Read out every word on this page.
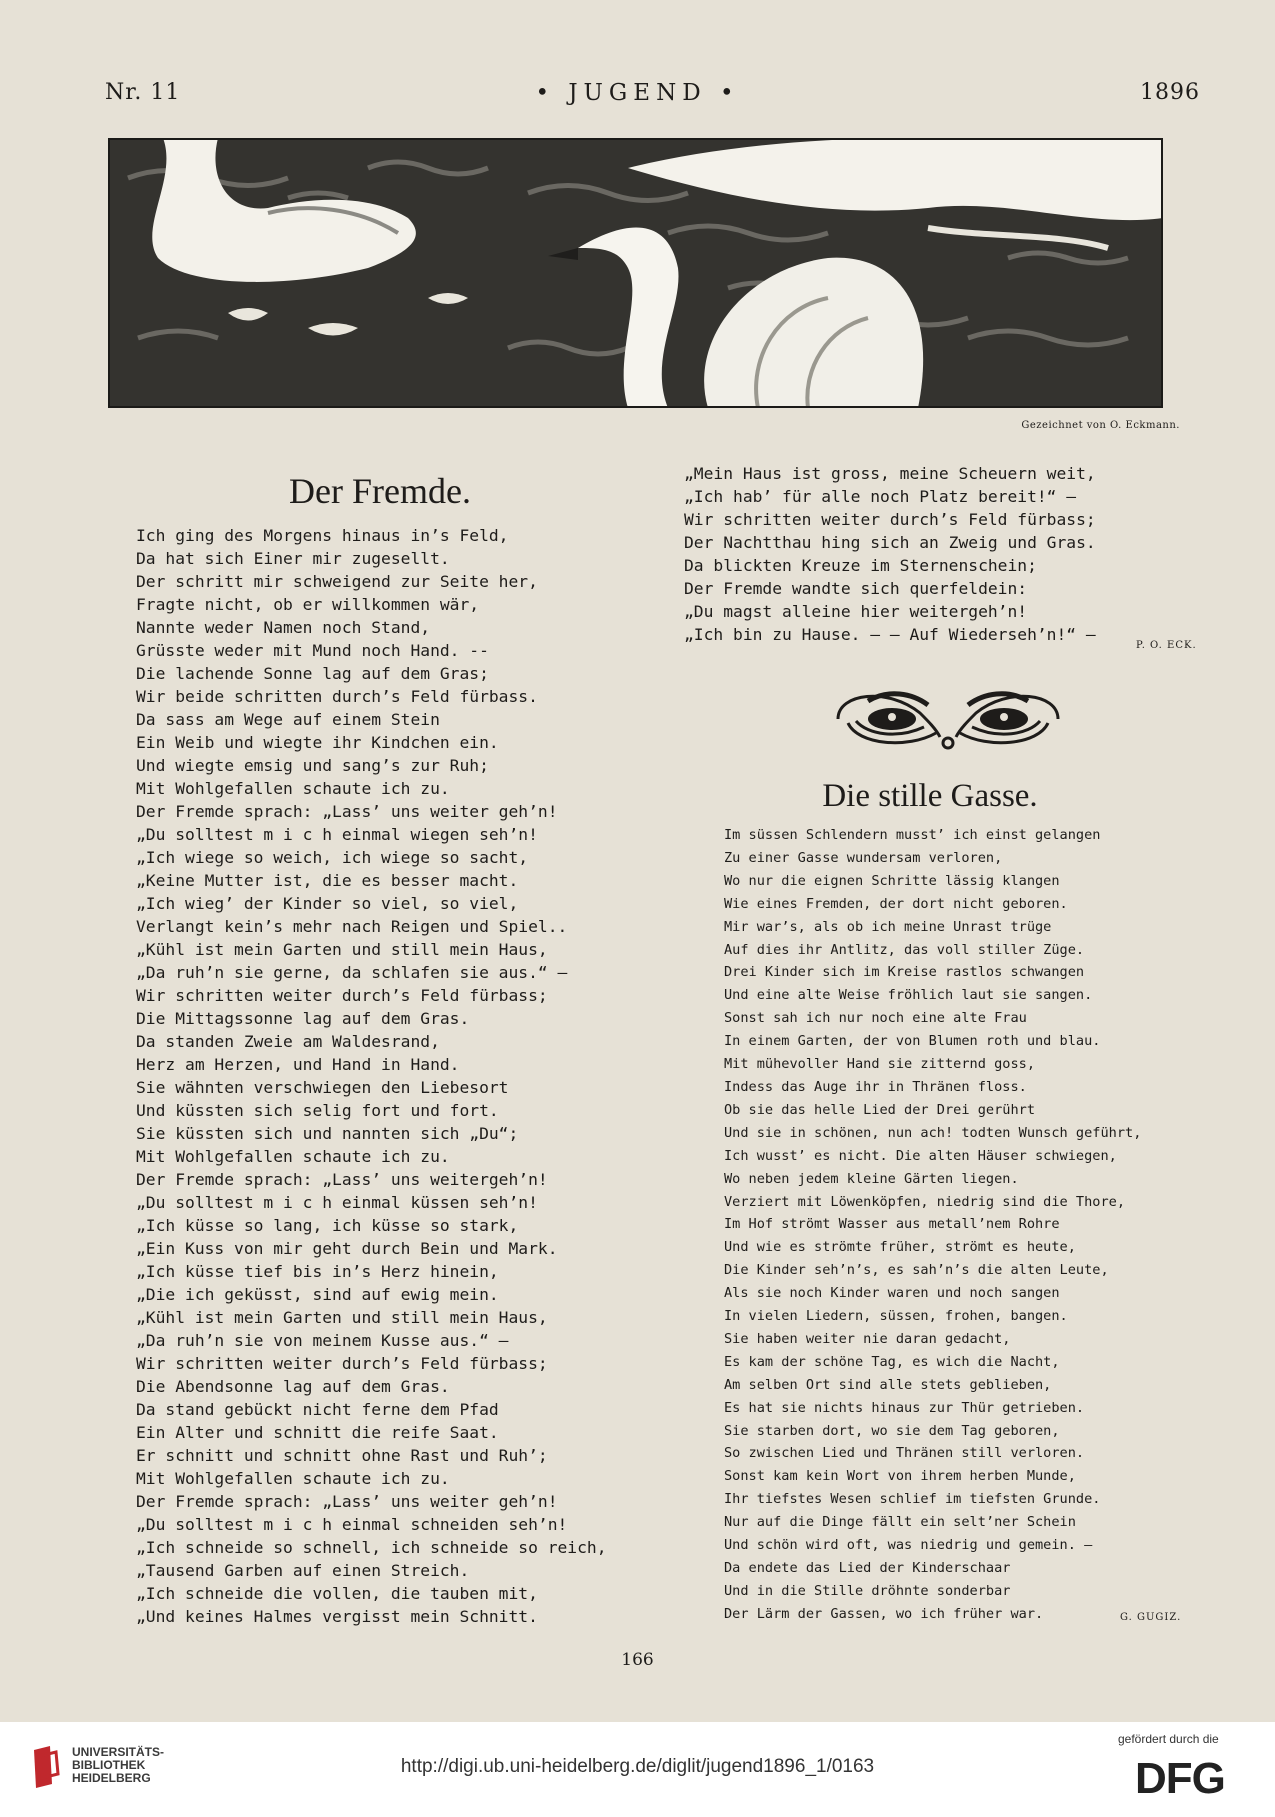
Nr. 11	• JUGEND •	1896
Gezeichnet von O. Eckmann.
Der Fremde.
Ich ging des Morgens hinaus in’s Feld,
Da hat sich Einer mir zugesellt.
Der schritt mir schweigend zur Seite her,
Fragte nicht, ob er willkommen wär,
Nannte weder Namen noch Stand,
Grüsste weder mit Mund noch Hand. --
Die lachende Sonne lag auf dem Gras;
Wir beide schritten durch’s Feld fürbass.
Da sass am Wege auf einem Stein
Ein Weib und wiegte ihr Kindchen ein.
Und wiegte emsig und sang’s zur Ruh;
Mit Wohlgefallen schaute ich zu.
Der Fremde sprach: „Lass’ uns weiter geh’n!
„Du solltest m i c h einmal wiegen seh’n!
„Ich wiege so weich, ich wiege so sacht,
„Keine Mutter ist, die es besser macht.
„Ich wieg’ der Kinder so viel, so viel,
Verlangt kein’s mehr nach Reigen und Spiel..
„Kühl ist mein Garten und still mein Haus,
„Da ruh’n sie gerne, da schlafen sie aus.“ —
Wir schritten weiter durch’s Feld fürbass;
Die Mittagssonne lag auf dem Gras.
Da standen Zweie am Waldesrand,
Herz am Herzen, und Hand in Hand.
Sie wähnten verschwiegen den Liebesort
Und küssten sich selig fort und fort.
Sie küssten sich und nannten sich „Du“;
Mit Wohlgefallen schaute ich zu.
Der Fremde sprach: „Lass’ uns weitergeh’n!
„Du solltest m i c h einmal küssen seh’n!
„Ich küsse so lang, ich küsse so stark,
„Ein Kuss von mir geht durch Bein und Mark.
„Ich küsse tief bis in’s Herz hinein,
„Die ich geküsst, sind auf ewig mein.
„Kühl ist mein Garten und still mein Haus,
„Da ruh’n sie von meinem Kusse aus.“ —
Wir schritten weiter durch’s Feld fürbass;
Die Abendsonne lag auf dem Gras.
Da stand gebückt nicht ferne dem Pfad
Ein Alter und schnitt die reife Saat.
Er schnitt und schnitt ohne Rast und Ruh’;
Mit Wohlgefallen schaute ich zu.
Der Fremde sprach: „Lass’ uns weiter geh’n!
„Du solltest m i c h einmal schneiden seh’n!
„Ich schneide so schnell, ich schneide so reich,
„Tausend Garben auf einen Streich.
„Ich schneide die vollen, die tauben mit,
„Und keines Halmes vergisst mein Schnitt.
„Mein Haus ist gross, meine Scheuern weit,
„Ich hab’ für alle noch Platz bereit!“ —
Wir schritten weiter durch’s Feld fürbass;
Der Nachtthau hing sich an Zweig und Gras.
Da blickten Kreuze im Sternenschein;
Der Fremde wandte sich querfeldein:
„Du magst alleine hier weitergeh’n!
„Ich bin zu Hause. — — Auf Wiederseh’n!“ —
P. O. ECK.
Die stille Gasse.
Im süssen Schlendern musst’ ich einst gelangen
Zu einer Gasse wundersam verloren,
Wo nur die eignen Schritte lässig klangen
Wie eines Fremden, der dort nicht geboren.
Mir war’s, als ob ich meine Unrast trüge
Auf dies ihr Antlitz, das voll stiller Züge.
Drei Kinder sich im Kreise rastlos schwangen
Und eine alte Weise fröhlich laut sie sangen.
Sonst sah ich nur noch eine alte Frau
In einem Garten, der von Blumen roth und blau.
Mit mühevoller Hand sie zitternd goss,
Indess das Auge ihr in Thränen floss.
Ob sie das helle Lied der Drei gerührt
Und sie in schönen, nun ach! todten Wunsch geführt,
Ich wusst’ es nicht. Die alten Häuser schwiegen,
Wo neben jedem kleine Gärten liegen.
Verziert mit Löwenköpfen, niedrig sind die Thore,
Im Hof strömt Wasser aus metall’nem Rohre
Und wie es strömte früher, strömt es heute,
Die Kinder seh’n’s, es sah’n’s die alten Leute,
Als sie noch Kinder waren und noch sangen
In vielen Liedern, süssen, frohen, bangen.
Sie haben weiter nie daran gedacht,
Es kam der schöne Tag, es wich die Nacht,
Am selben Ort sind alle stets geblieben,
Es hat sie nichts hinaus zur Thür getrieben.
Sie starben dort, wo sie dem Tag geboren,
So zwischen Lied und Thränen still verloren.
Sonst kam kein Wort von ihrem herben Munde,
Ihr tiefstes Wesen schlief im tiefsten Grunde.
Nur auf die Dinge fällt ein selt’ner Schein
Und schön wird oft, was niedrig und gemein. —
Da endete das Lied der Kinderschaar
Und in die Stille dröhnte sonderbar
Der Lärm der Gassen, wo ich früher war.	G. GUGIZ.
166
UNIVERSITÄTS-
BIBLIOTHEK
HEIDELBERG
http://digi.ub.uni-heidelberg.de/diglit/jugend1896_1/0163
gefördert durch die
DFG
